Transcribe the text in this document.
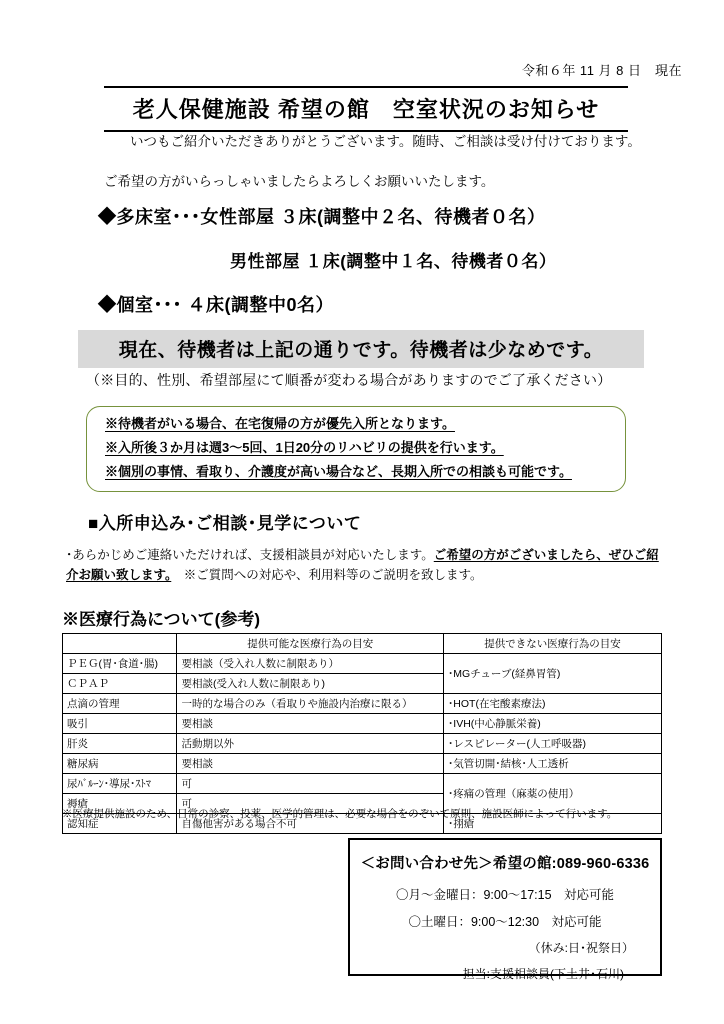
令和６年 11 月 8 日　現在
老人保健施設 希望の館　空室状況のお知らせ
いつもご紹介いただきありがとうございます。随時、ご相談は受け付けております。
ご希望の方がいらっしゃいましたらよろしくお願いいたします。
◆多床室･･･女性部屋 ３床(調整中２名、待機者０名）
男性部屋 １床(調整中１名、待機者０名）
◆個室･･･ ４床(調整中0名）
現在、待機者は上記の通りです。待機者は少なめです。
（※目的、性別、希望部屋にて順番が変わる場合がありますのでご了承ください）
※待機者がいる場合、在宅復帰の方が優先入所となります。
※入所後３か月は週3～5回、1日20分のリハビリの提供を行います。
※個別の事情、看取り、介護度が高い場合など、長期入所での相談も可能です。
■入所申込み･ご相談･見学について
･あらかじめご連絡いただければ、支援相談員が対応いたします。ご希望の方がございましたら、ぜひご紹介お願い致します。　 ※ご質問への対応や、利用料等のご説明を致します。
※医療行為について(参考)
	提供可能な医療行為の目安	提供できない医療行為の目安
ＰＥＧ(胃･食道･腸)	要相談（受入れ人数に制限あり）	･MGチューブ(経鼻胃管)
ＣＰＡＰ	要相談(受入れ人数に制限あり)	
点滴の管理	一時的な場合のみ（看取りや施設内治療に限る）	･HOT(在宅酸素療法)
吸引	要相談	･IVH(中心静脈栄養)
肝炎	活動期以外	･レスピレーター(人工呼吸器)
糖尿病	要相談	･気管切開･結核･人工透析
尿ﾊﾞﾙｰﾝ･導尿･ｽﾄﾏ	可	･疼痛の管理（麻薬の使用）
褥瘡	可	
認知症	自傷他害がある場合不可	･挧瘡
※医療提供施設のため、日常の診察、投薬、医学的管理は、必要な場合をのぞいて原則、施設医師によって行います。
＜お問い合わせ先＞希望の館:089-960-6336
〇月～金曜日：9:00～17:15　対応可能
〇土曜日：9:00～12:30　対応可能
（休み:日･祝祭日）
担当:支援相談員(下土井･石川)
